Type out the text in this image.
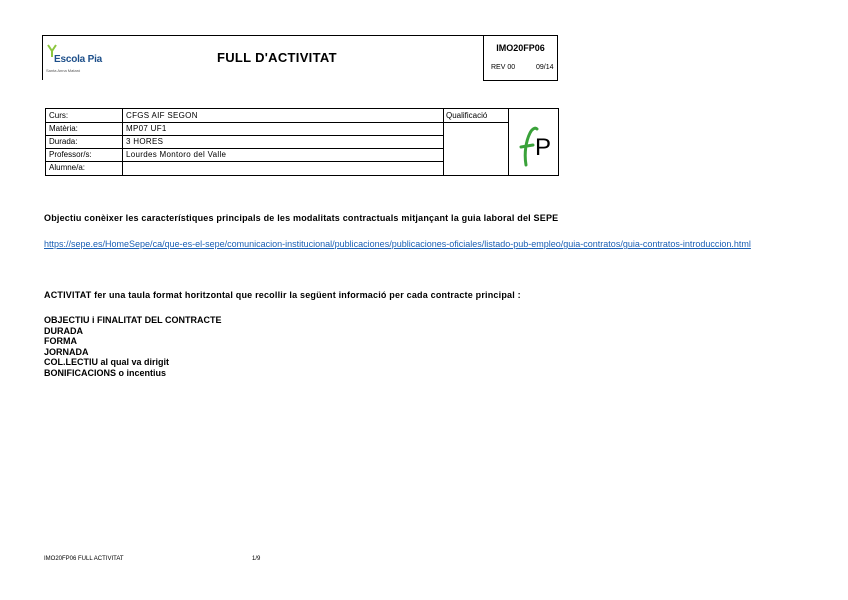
Escola Pia
Santa Anna Mataró
FULL D'ACTIVITAT
IMO20FP06
REV 00	09/14
Curs:	CFGS AIF SEGON
Matèria:	MP07 UF1
Durada:	3 HORES
Professor/s:	Lourdes Montoro del Valle
Alumne/a:
Qualificació
P
Objectiu conèixer les característiques principals de les modalitats contractuals mitjançant la guia laboral del SEPE
https://sepe.es/HomeSepe/ca/que-es-el-sepe/comunicacion-institucional/publicaciones/publicaciones-oficiales/listado-pub-empleo/guia-contratos/guia-contratos-introduccion.html
ACTIVITAT fer una taula format horitzontal que recollir la següent informació per cada contracte principal :
OBJECTIU i FINALITAT DEL CONTRACTE
DURADA
FORMA
JORNADA
COL.LECTIU al qual va dirigit
BONIFICACIONS o incentius
IMO20FP06 FULL ACTIVITAT	1/9
